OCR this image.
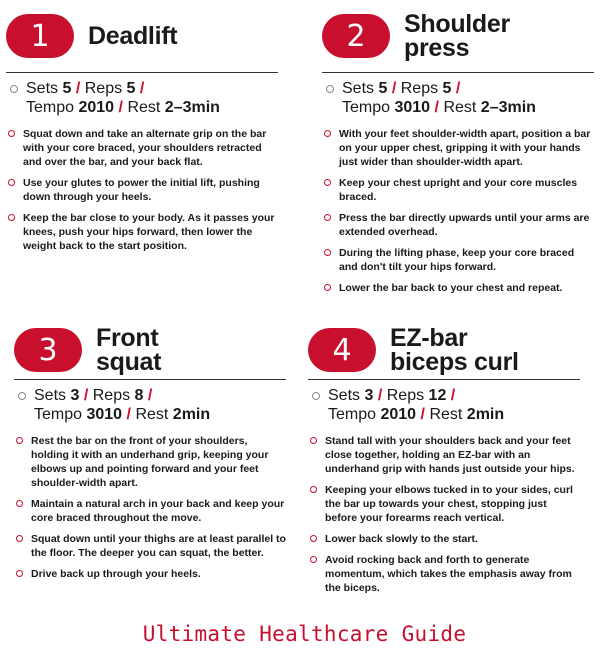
1 Deadlift
Sets 5 / Reps 5 /
Tempo 2010 / Rest 2–3min
Squat down and take an alternate grip on the bar with your core braced, your shoulders retracted and over the bar, and your back flat.
Use your glutes to power the initial lift, pushing down through your heels.
Keep the bar close to your body. As it passes your knees, push your hips forward, then lower the weight back to the start position.
2 Shoulder
press
Sets 5 / Reps 5 /
Tempo 3010 / Rest 2–3min
With your feet shoulder-width apart, position a bar on your upper chest, gripping it with your hands just wider than shoulder-width apart.
Keep your chest upright and your core muscles braced.
Press the bar directly upwards until your arms are extended overhead.
During the lifting phase, keep your core braced and don't tilt your hips forward.
Lower the bar back to your chest and repeat.
3 Front
squat
Sets 3 / Reps 8 /
Tempo 3010 / Rest 2min
Rest the bar on the front of your shoulders, holding it with an underhand grip, keeping your elbows up and pointing forward and your feet shoulder-width apart.
Maintain a natural arch in your back and keep your core braced throughout the move.
Squat down until your thighs are at least parallel to the floor. The deeper you can squat, the better.
Drive back up through your heels.
4 EZ-bar
biceps curl
Sets 3 / Reps 12 /
Tempo 2010 / Rest 2min
Stand tall with your shoulders back and your feet close together, holding an EZ-bar with an underhand grip with hands just outside your hips.
Keeping your elbows tucked in to your sides, curl the bar up towards your chest, stopping just before your forearms reach vertical.
Lower back slowly to the start.
Avoid rocking back and forth to generate momentum, which takes the emphasis away from the biceps.
Ultimate Healthcare Guide
